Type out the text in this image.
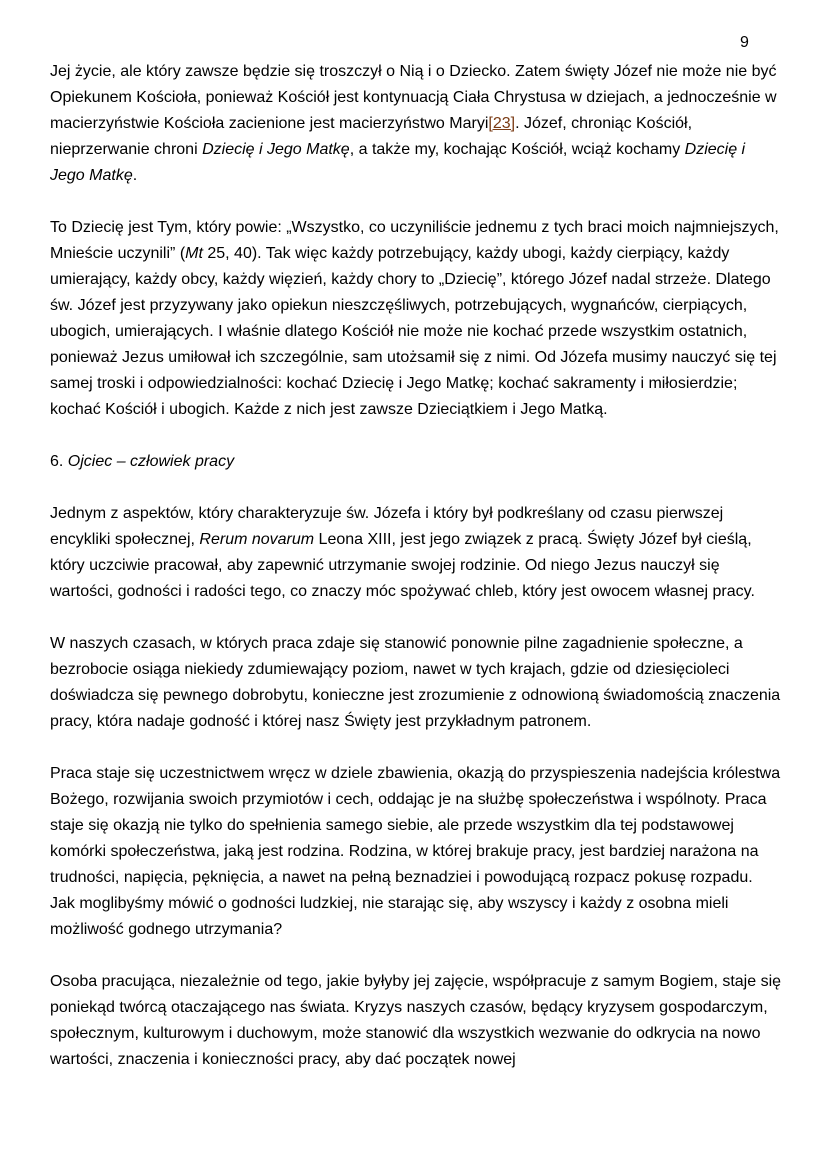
9

Jej życie, ale który zawsze będzie się troszczył o Nią i o Dziecko. Zatem święty Józef nie może nie być Opiekunem Kościoła, ponieważ Kościół jest kontynuacją Ciała Chrystusa w dziejach, a jednocześnie w macierzyństwie Kościoła zacienione jest macierzyństwo Maryi[23]. Józef, chroniąc Kościół, nieprzerwanie chroni Dziecię i Jego Matkę, a także my, kochając Kościół, wciąż kochamy Dziecię i Jego Matkę.

To Dziecię jest Tym, który powie: „Wszystko, co uczyniliście jednemu z tych braci moich najmniejszych, Mnieście uczynili” (Mt 25, 40). Tak więc każdy potrzebujący, każdy ubogi, każdy cierpiący, każdy umierający, każdy obcy, każdy więzień, każdy chory to „Dziecię”, którego Józef nadal strzeże. Dlatego św. Józef jest przyzywany jako opiekun nieszczęśliwych, potrzebujących, wygnańców, cierpiących, ubogich, umierających. I właśnie dlatego Kościół nie może nie kochać przede wszystkim ostatnich, ponieważ Jezus umiłował ich szczególnie, sam utożsamił się z nimi. Od Józefa musimy nauczyć się tej samej troski i odpowiedzialności: kochać Dziecię i Jego Matkę; kochać sakramenty i miłosierdzie; kochać Kościół i ubogich. Każde z nich jest zawsze Dzieciątkiem i Jego Matką.

6. Ojciec – człowiek pracy

Jednym z aspektów, który charakteryzuje św. Józefa i który był podkreślany od czasu pierwszej encykliki społecznej, Rerum novarum Leona XIII, jest jego związek z pracą. Święty Józef był cieślą, który uczciwie pracował, aby zapewnić utrzymanie swojej rodzinie. Od niego Jezus nauczył się wartości, godności i radości tego, co znaczy móc spożywać chleb, który jest owocem własnej pracy.

W naszych czasach, w których praca zdaje się stanowić ponownie pilne zagadnienie społeczne, a bezrobocie osiąga niekiedy zdumiewający poziom, nawet w tych krajach, gdzie od dziesięcioleci doświadcza się pewnego dobrobytu, konieczne jest zrozumienie z odnowioną świadomością znaczenia pracy, która nadaje godność i której nasz Święty jest przykładnym patronem.

Praca staje się uczestnictwem wręcz w dziele zbawienia, okazją do przyspieszenia nadejścia królestwa Bożego, rozwijania swoich przymiotów i cech, oddając je na służbę społeczeństwa i wspólnoty. Praca staje się okazją nie tylko do spełnienia samego siebie, ale przede wszystkim dla tej podstawowej komórki społeczeństwa, jaką jest rodzina. Rodzina, w której brakuje pracy, jest bardziej narażona na trudności, napięcia, pęknięcia, a nawet na pełną beznadziei i powodującą rozpacz pokusę rozpadu. Jak moglibyśmy mówić o godności ludzkiej, nie starając się, aby wszyscy i każdy z osobna mieli możliwość godnego utrzymania?

Osoba pracująca, niezależnie od tego, jakie byłyby jej zajęcie, współpracuje z samym Bogiem, staje się poniekąd twórcą otaczającego nas świata. Kryzys naszych czasów, będący kryzysem gospodarczym, społecznym, kulturowym i duchowym, może stanowić dla wszystkich wezwanie do odkrycia na nowo wartości, znaczenia i konieczności pracy, aby dać początek nowej
